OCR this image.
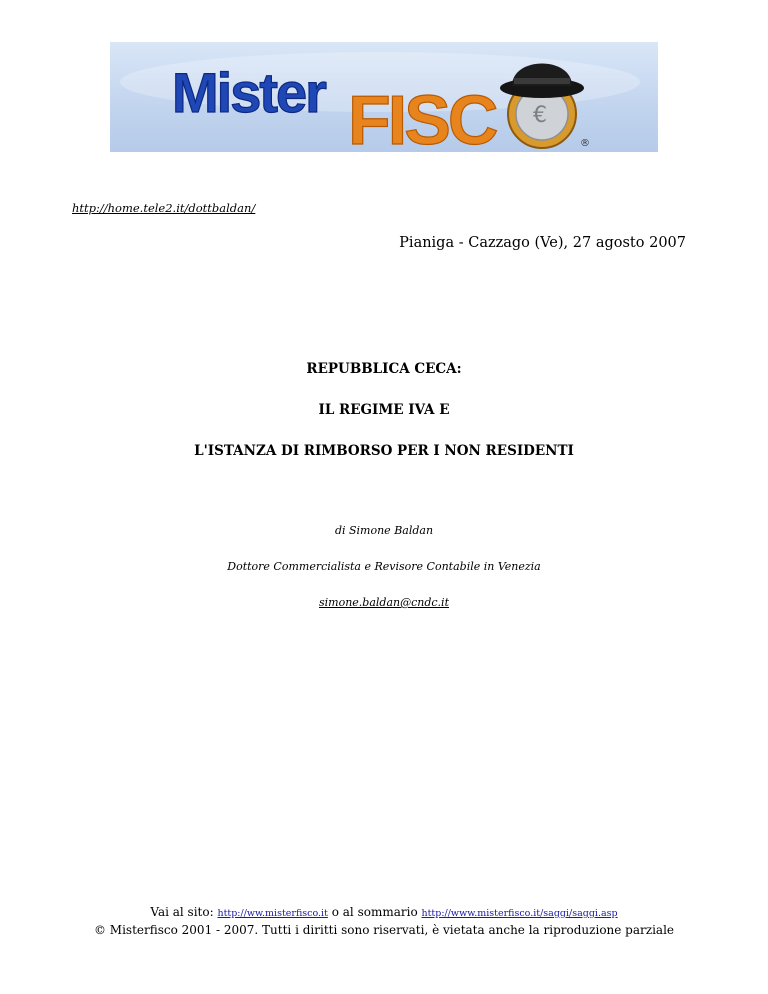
Mister FISC €
®
http://home.tele2.it/dottbaldan/
Pianiga - Cazzago (Ve), 27 agosto 2007
REPUBBLICA CECA:
IL REGIME IVA E
L'ISTANZA DI RIMBORSO PER I NON RESIDENTI
di Simone Baldan
Dottore Commercialista e Revisore Contabile in Venezia
simone.baldan@cndc.it
Vai al sito: http://ww.misterfisco.it o al sommario http://www.misterfisco.it/saggi/saggi.asp
© Misterfisco 2001 - 2007. Tutti i diritti sono riservati, è vietata anche la riproduzione parziale
